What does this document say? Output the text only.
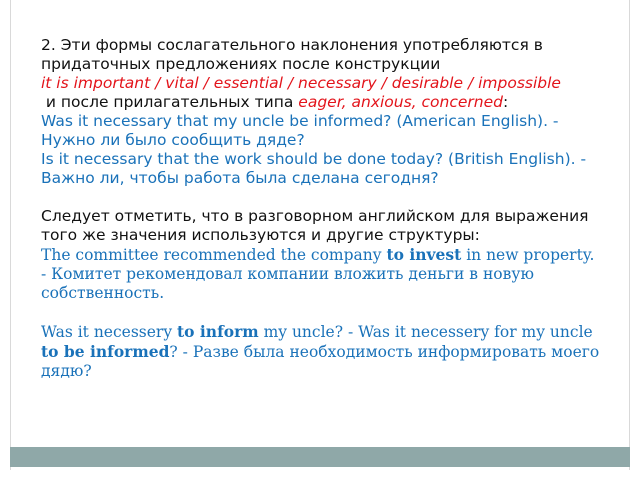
2. Эти формы сослагательного наклонения употребляются в

придаточных предложениях после конструкции

it is important / vital / essential / necessary / desirable / impossible

и после прилагательных типа eager, anxious, concerned:

Was it necessary that my uncle be informed? (American English). -

Нужно ли было сообщить дяде?

Is it necessary that the work should be done today? (British English). -

Важно ли, чтобы работа была сделана сегодня?

Следует отметить, что в разговорном английском для выражения

того же значения используются и другие структуры:

The committee recommended the company to invest in new property.

- Комитет рекомендовал компании вложить деньги в новую

собственность.

Was it necessery to inform my uncle? - Was it necessery for my uncle

to be informed? - Разве была необходимость информировать моего

дядю?
